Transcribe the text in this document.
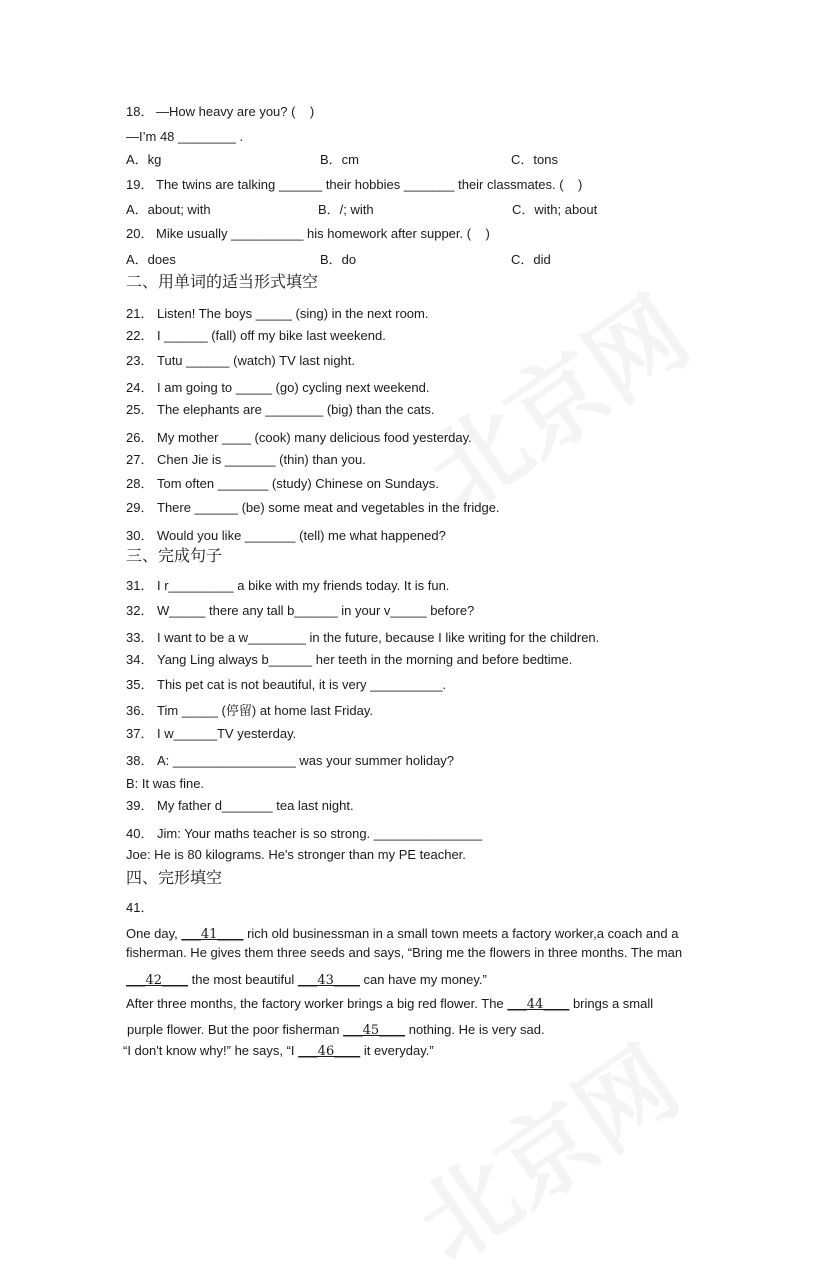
18． —How heavy are you? (    )
—I’m 48 ________ .
A．kg	B．cm	C．tons
19． The twins are talking ______ their hobbies _______ their classmates. (    )
A．about; with	B．/; with	C．with; about
20． Mike usually __________ his homework after supper. (    )
A．does	B．do	C．did
二、用单词的适当形式填空
21． Listen! The boys _____ (sing) in the next room.
22． I ______ (fall) off my bike last weekend.
23． Tutu ______ (watch) TV last night.
24． I am going to _____ (go) cycling next weekend.
25． The elephants are ________ (big) than the cats.
26． My mother ____ (cook) many delicious food yesterday.
27． Chen Jie is _______ (thin) than you.
28． Tom often _______ (study) Chinese on Sundays.
29． There ______ (be) some meat and vegetables in the fridge.
30． Would you like _______ (tell) me what happened?
三、完成句子
31． I r_________ a bike with my friends today. It is fun.
32． W_____ there any tall b______ in your v_____ before?
33． I want to be a w________ in the future, because I like writing for the children.
34． Yang Ling always b______ her teeth in the morning and before bedtime.
35． This pet cat is not beautiful, it is very __________.
36． Tim _____ (停留) at home last Friday.
37． I w______TV yesterday.
38． A: _________________ was your summer holiday?
B: It was fine.
39． My father d_______ tea last night.
40． Jim: Your maths teacher is so strong. _______________
Joe: He is 80 kilograms. He's stronger than my PE teacher.
四、完形填空
41．
One day, ___41____ rich old businessman in a small town meets a factory worker,a coach and a
fisherman. He gives them three seeds and says, “Bring me the flowers in three months. The man
___42____ the most beautiful ___43____ can have my money.”
After three months, the factory worker brings a big red flower. The ___44____ brings a small
purple flower. But the poor fisherman ___45____ nothing. He is very sad.
“I don't know why!” he says, “I ___46____ it everyday.”
